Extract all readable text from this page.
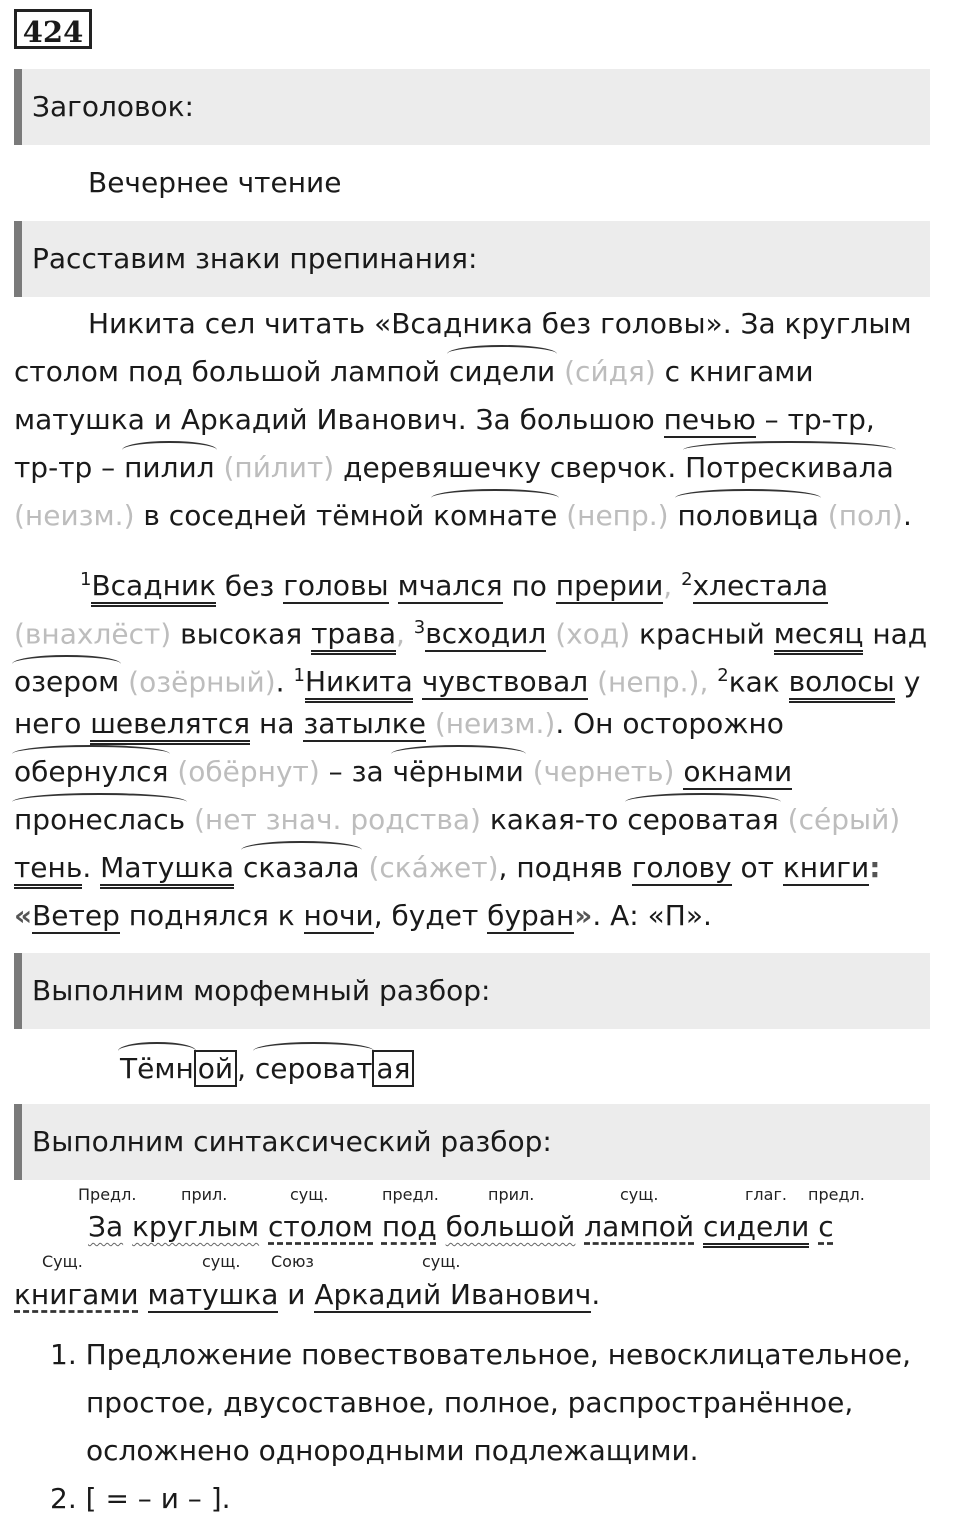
424
Заголовок:
Вечернее чтение
Расставим знаки препинания:
Никита сел читать «Всадника без головы». За круглым
столом под большой лампой сидели (си́дя) с книгами
матушка и Аркадий Иванович. За большою печью – тр-тр,
тр-тр – пилил (пи́лит) деревяшечку сверчок. Потрескивала
(неизм.) в соседней тёмной комнате (непр.) половица (пол).
$^1$Всадник без головы мчался по прерии, $^2$хлестала
(внахлёст) высокая трава, $^3$всходил (ход) красный месяц над
озером (озёрный). $^1$Никита чувствовал (непр.), $^2$как волосы у
него шевелятся на затылке (неизм.). Он осторожно
обернулся (обёрнут) – за чёрными (чернеть) окнами
пронеслась (нет знач. родства) какая-то сероватая (се́рый)
тень. Матушка сказала (ска́жет), подняв голову от книги:
«Ветер поднялся к ночи, будет буран». А: «П».
Выполним морфемный разбор:
Тёмн ой , сероват ая
Выполним синтаксический разбор:
Предл.	прил.	сущ.	предл.	прил.	сущ.	глаг. предл.
За круглым столом под большой лампой сидели с
Сущ.	сущ. Союз	сущ.
книгами матушка и Аркадий Иванович.
1. Предложение повествовательное, невосклицательное,
простое, двусоставное, полное, распространённое,
осложнено однородными подлежащими.
2. [ = – и – ].
